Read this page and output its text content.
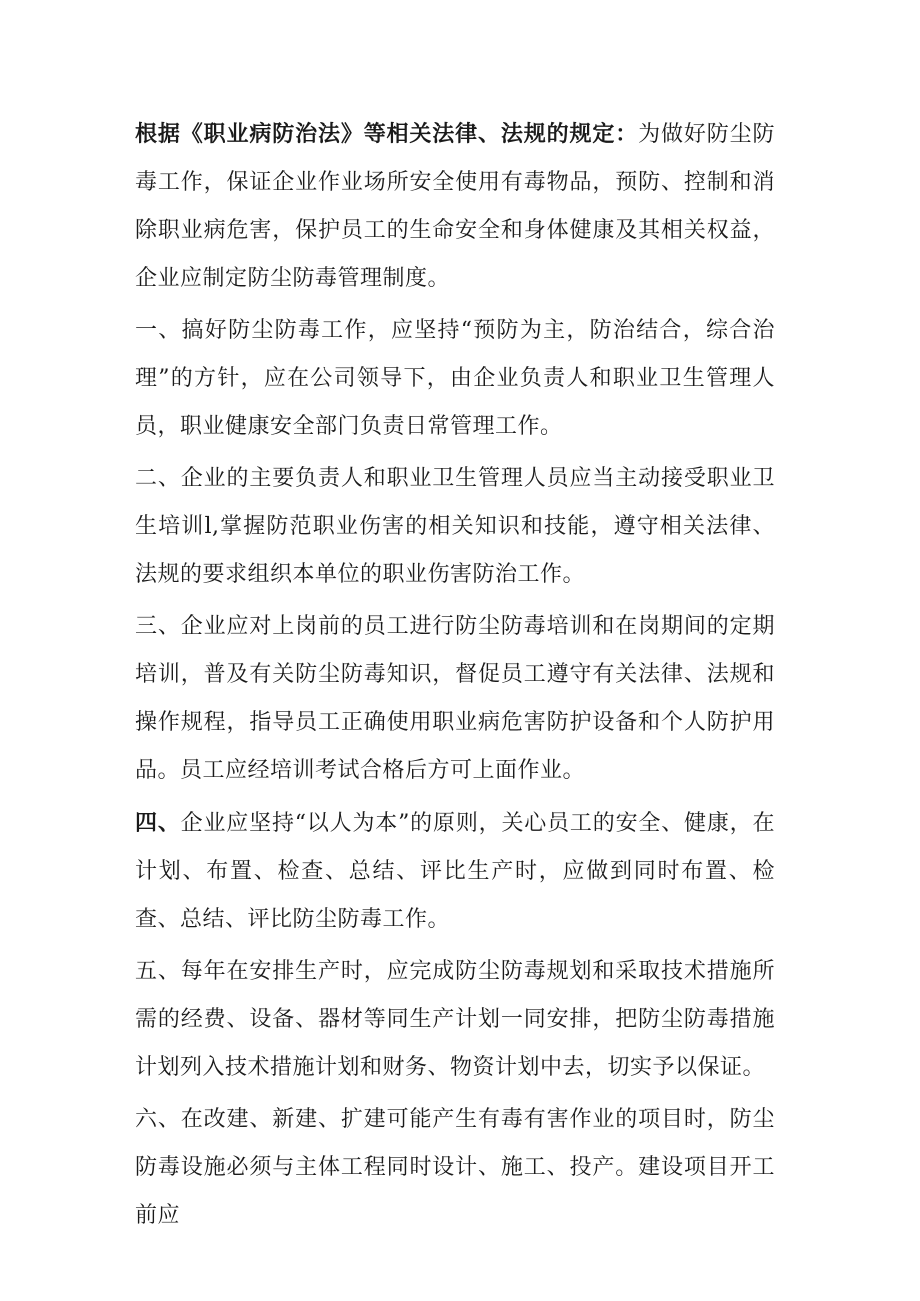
根据《职业病防治法》等相关法律、法规的规定：为做好防尘防毒工作，保证企业作业场所安全使用有毒物品，预防、控制和消除职业病危害，保护员工的生命安全和身体健康及其相关权益，企业应制定防尘防毒管理制度。

一、搞好防尘防毒工作，应坚持“预防为主，防治结合，综合治理”的方针，应在公司领导下，由企业负责人和职业卫生管理人员，职业健康安全部门负责日常管理工作。

二、企业的主要负责人和职业卫生管理人员应当主动接受职业卫生培训l,掌握防范职业伤害的相关知识和技能，遵守相关法律、法规的要求组织本单位的职业伤害防治工作。

三、企业应对上岗前的员工进行防尘防毒培训和在岗期间的定期培训，普及有关防尘防毒知识，督促员工遵守有关法律、法规和操作规程，指导员工正确使用职业病危害防护设备和个人防护用品。员工应经培训考试合格后方可上面作业。

四、企业应坚持“以人为本”的原则，关心员工的安全、健康，在计划、布置、检查、总结、评比生产时，应做到同时布置、检查、总结、评比防尘防毒工作。

五、每年在安排生产时，应完成防尘防毒规划和采取技术措施所需的经费、设备、器材等同生产计划一同安排，把防尘防毒措施计划列入技术措施计划和财务、物资计划中去，切实予以保证。

六、在改建、新建、扩建可能产生有毒有害作业的项目时，防尘防毒设施必须与主体工程同时设计、施工、投产。建设项目开工前应
